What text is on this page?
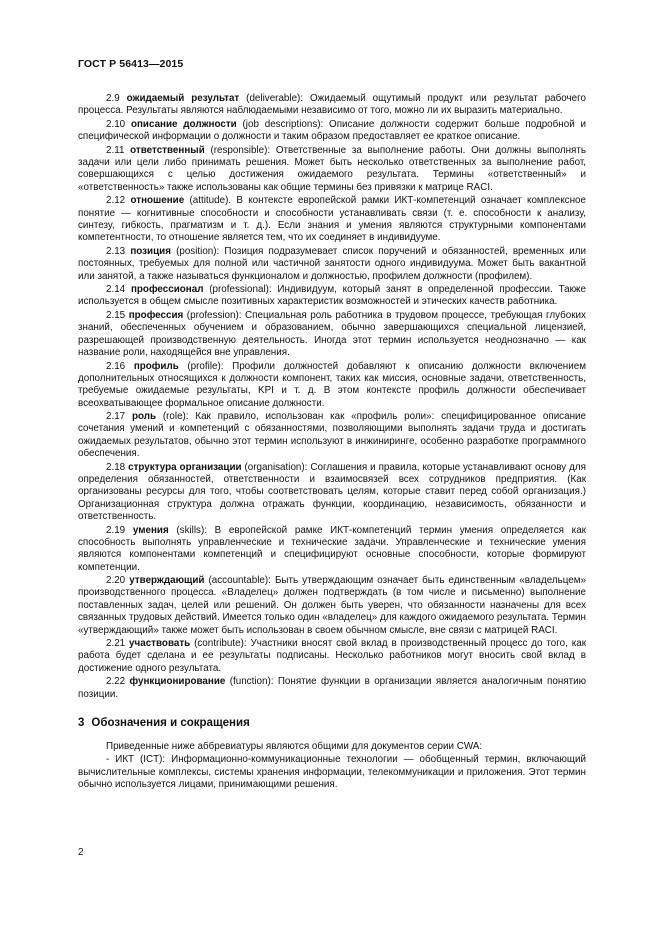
ГОСТ Р 56413—2015

2.9 ожидаемый результат (deliverable): Ожидаемый ощутимый продукт или результат рабочего процесса. Результаты являются наблюдаемыми независимо от того, можно ли их выразить материально.

2.10 описание должности (job descriptions): Описание должности содержит больше подробной и специфической информации о должности и таким образом предоставляет ее краткое описание.

2.11 ответственный (responsible): Ответственные за выполнение работы. Они должны выполнять задачи или цели либо принимать решения. Может быть несколько ответственных за выполнение работ, совершающихся с целью достижения ожидаемого результата. Термины «ответственный» и «ответственность» также использованы как общие термины без привязки к матрице RACI.

2.12 отношение (attitude). В контексте европейской рамки ИКТ-компетенций означает комплексное понятие — когнитивные способности и способности устанавливать связи (т. е. способности к анализу, синтезу, гибкость, прагматизм и т. д.). Если знания и умения являются структурными компонентами компетентности, то отношение является тем, что их соединяет в индивидууме.

2.13 позиция (position): Позиция подразумевает список поручений и обязанностей, временных или постоянных, требуемых для полной или частичной занятости одного индивидуума. Может быть вакантной или занятой, а также называться функционалом и должностью, профилем должности (профилем).

2.14 профессионал (professional): Индивидуум, который занят в определенной профессии. Также используется в общем смысле позитивных характеристик возможностей и этических качеств работника.

2.15 профессия (profession): Специальная роль работника в трудовом процессе, требующая глубоких знаний, обеспеченных обучением и образованием, обычно завершающихся специальной лицензией, разрешающей производственную деятельность. Иногда этот термин используется неоднозначно — как название роли, находящейся вне управления.

2.16 профиль (profile): Профили должностей добавляют к описанию должности включением дополнительных относящихся к должности компонент, таких как миссия, основные задачи, ответственность, требуемые ожидаемые результаты, KPI и т. д. В этом контексте профиль должности обеспечивает всеохватывающее формальное описание должности.

2.17 роль (role): Как правило, использован как «профиль роли»: специфицированное описание сочетания умений и компетенций с обязанностями, позволяющими выполнять задачи труда и достигать ожидаемых результатов, обычно этот термин используют в инжиниринге, особенно разработке программного обеспечения.

2.18 структура организации (organisation): Соглашения и правила, которые устанавливают основу для определения обязанностей, ответственности и взаимосвязей всех сотрудников предприятия. (Как организованы ресурсы для того, чтобы соответствовать целям, которые ставит перед собой организация.) Организационная структура должна отражать функции, координацию, независимость, обязанности и ответственность.

2.19 умения (skills): В европейской рамке ИКТ-компетенций термин умения определяется как способность выполнять управленческие и технические задачи. Управленческие и технические умения являются компонентами компетенций и специфицируют основные способности, которые формируют компетенции.

2.20 утверждающий (accountable): Быть утверждающим означает быть единственным «владельцем» производственного процесса. «Владелец» должен подтверждать (в том числе и письменно) выполнение поставленных задач, целей или решений. Он должен быть уверен, что обязанности назначены для всех связанных трудовых действий. Имеется только один «владелец» для каждого ожидаемого результата. Термин «утверждающий» также может быть использован в своем обычном смысле, вне связи с матрицей RACI.

2.21 участвовать (contribute): Участники вносят свой вклад в производственный процесс до того, как работа будет сделана и ее результаты подписаны. Несколько работников могут вносить свой вклад в достижение одного результата.

2.22 функционирование (function): Понятие функции в организации является аналогичным понятию позиции.

3 Обозначения и сокращения

Приведенные ниже аббревиатуры являются общими для документов серии CWA:

- ИКТ (ICT): Информационно-коммуникационные технологии — обобщенный термин, включающий вычислительные комплексы, системы хранения информации, телекоммуникации и приложения. Этот термин обычно используется лицами, принимающими решения.

2
